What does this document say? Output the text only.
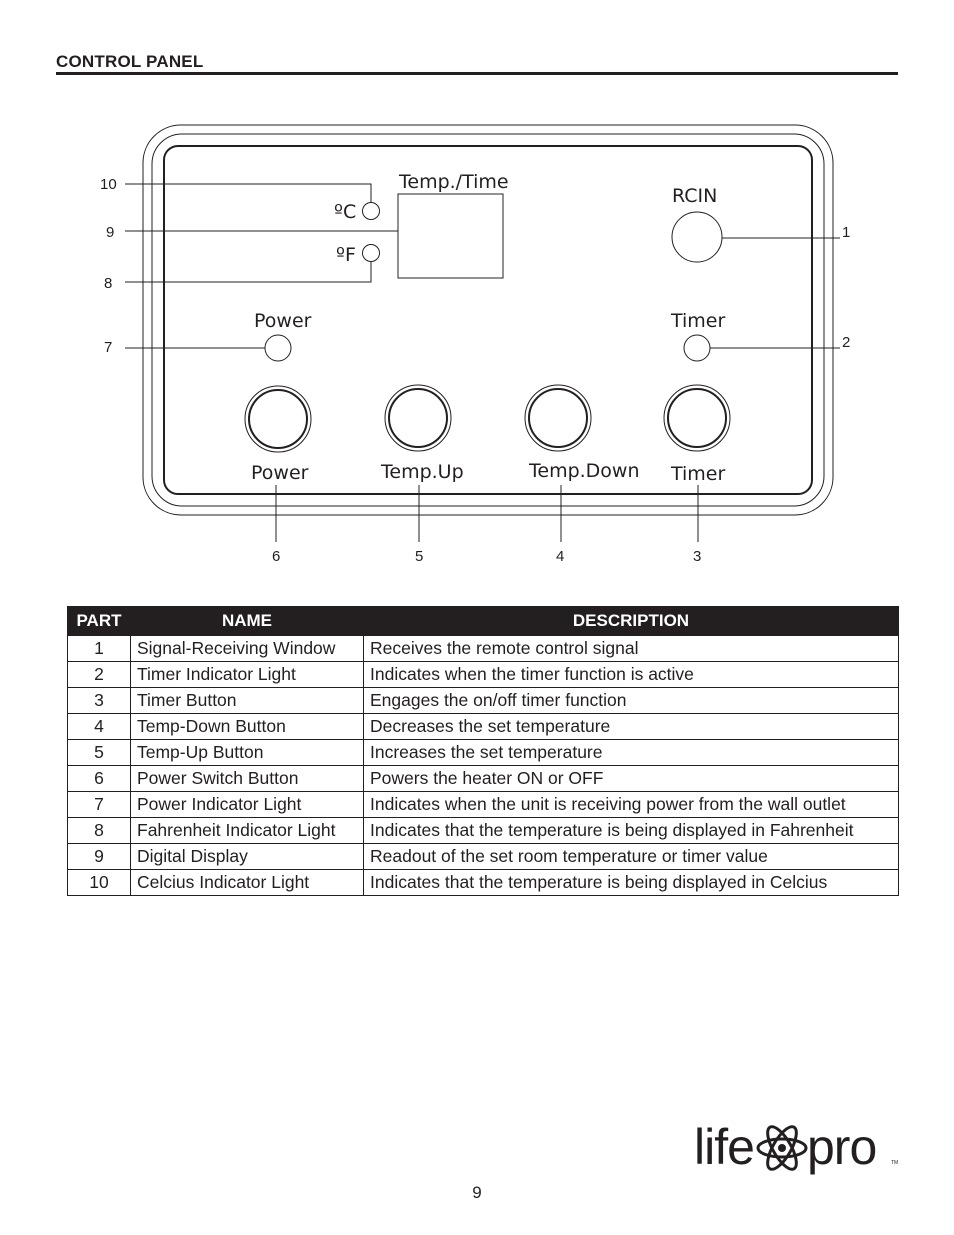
CONTROL PANEL
Temp./Time
ºC
ºF
RCIN
Power	Timer
Power	Temp.Up	Temp.Down Timer
1
2
3
4
5
6
7
8
9
10
PART	NAME	DESCRIPTION
1	Signal-Receiving Window	Receives the remote control signal
2	Timer Indicator Light	Indicates when the timer function is active
3	Timer Button	Engages the on/off timer function
4	Temp-Down Button	Decreases the set temperature
5	Temp-Up Button	Increases the set temperature
6	Power Switch Button	Powers the heater ON or OFF
7	Power Indicator Light	Indicates when the unit is receiving power from the wall outlet
8	Fahrenheit Indicator Light	Indicates that the temperature is being displayed in Fahrenheit
9	Digital Display	Readout of the set room temperature or timer value
10	Celcius Indicator Light	Indicates that the temperature is being displayed in Celcius
life pro	TM
9
